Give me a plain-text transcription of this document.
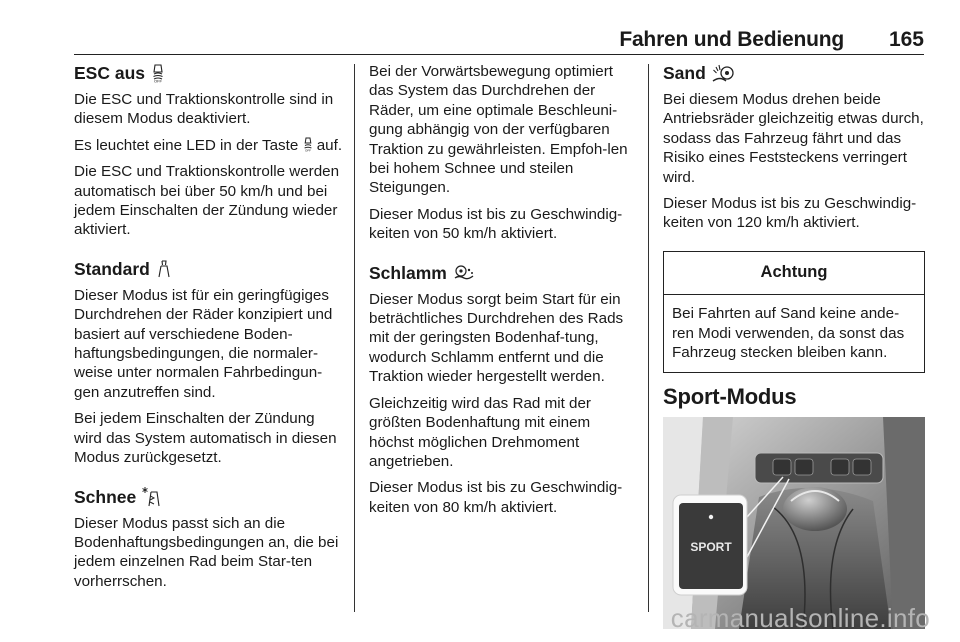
Fahren und Bedienung 165
ESC aus OFF

Die ESC und Traktionskontrolle sind in diesem Modus deaktiviert.

Es leuchtet eine LED in der Taste OFF auf.

Die ESC und Traktionskontrolle werden automatisch bei über 50 km/h und bei jedem Einschalten der Zündung wieder aktiviert.

Standard

Dieser Modus ist für ein geringfügiges Durchdrehen der Räder konzipiert und basiert auf verschiedene Boden-haftungsbedingungen, die normaler-weise unter normalen Fahrbedingun-gen anzutreffen sind.

Bei jedem Einschalten der Zündung wird das System automatisch in diesen Modus zurückgesetzt.

Schnee

Dieser Modus passt sich an die Bodenhaftungsbedingungen an, die bei jedem einzelnen Rad beim Star-ten vorherrschen.

Bei der Vorwärtsbewegung optimiert das System das Durchdrehen der Räder, um eine optimale Beschleuni-gung abhängig von der verfügbaren Traktion zu gewährleisten. Empfoh-len bei hohem Schnee und steilen Steigungen.

Dieser Modus ist bis zu Geschwindig-keiten von 50 km/h aktiviert.

Schlamm

Dieser Modus sorgt beim Start für ein beträchtliches Durchdrehen des Rads mit der geringsten Bodenhaf-tung, wodurch Schlamm entfernt und die Traktion wieder hergestellt werden.

Gleichzeitig wird das Rad mit der größten Bodenhaftung mit einem höchst möglichen Drehmoment angetrieben.

Dieser Modus ist bis zu Geschwindig-keiten von 80 km/h aktiviert.

Sand

Bei diesem Modus drehen beide Antriebsräder gleichzeitig etwas durch, sodass das Fahrzeug fährt und das Risiko eines Feststeckens verringert wird.

Dieser Modus ist bis zu Geschwindig-keiten von 120 km/h aktiviert.

Achtung
Bei Fahrten auf Sand keine ande-ren Modi verwenden, da sonst das Fahrzeug stecken bleiben kann.
Sport-Modus
SPORT
carmanualsonline.info
